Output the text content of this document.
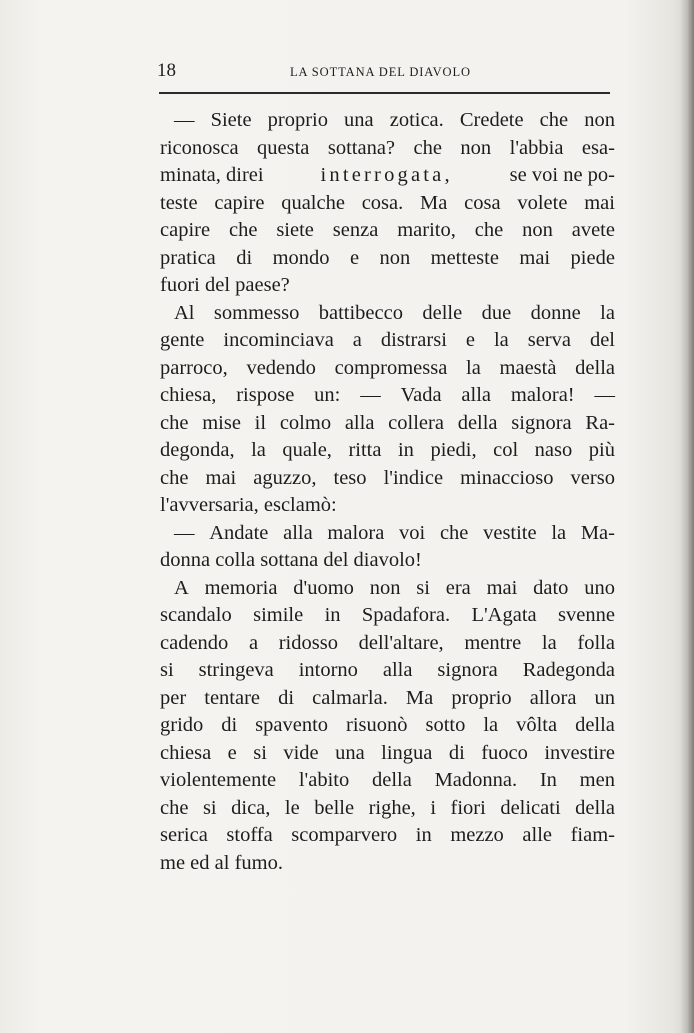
18	LA SOTTANA DEL DIAVOLO
— Siete proprio una zotica. Credete che non
riconosca questa sottana? che non l'abbia esa-
minata, direi	interrogata,	se voi ne po-
teste capire qualche cosa. Ma cosa volete mai
capire che siete senza marito, che non avete
pratica di mondo e non metteste mai piede
fuori del paese?
Al sommesso battibecco delle due donne la
gente incominciava a distrarsi e la serva del
parroco, vedendo compromessa la maestà della
chiesa, rispose un: — Vada alla malora! —
che mise il colmo alla collera della signora Ra-
degonda, la quale, ritta in piedi, col naso più
che mai aguzzo, teso l'indice minaccioso verso
l'avversaria, esclamò:
— Andate alla malora voi che vestite la Ma-
donna colla sottana del diavolo!
A memoria d'uomo non si era mai dato uno
scandalo simile in Spadafora. L'Agata svenne
cadendo a ridosso dell'altare, mentre la folla
si stringeva intorno alla signora Radegonda
per tentare di calmarla. Ma proprio allora un
grido di spavento risuonò sotto la vôlta della
chiesa e si vide una lingua di fuoco investire
violentemente l'abito della Madonna. In men
che si dica, le belle righe, i fiori delicati della
serica stoffa scomparvero in mezzo alle fiam-
me ed al fumo.
